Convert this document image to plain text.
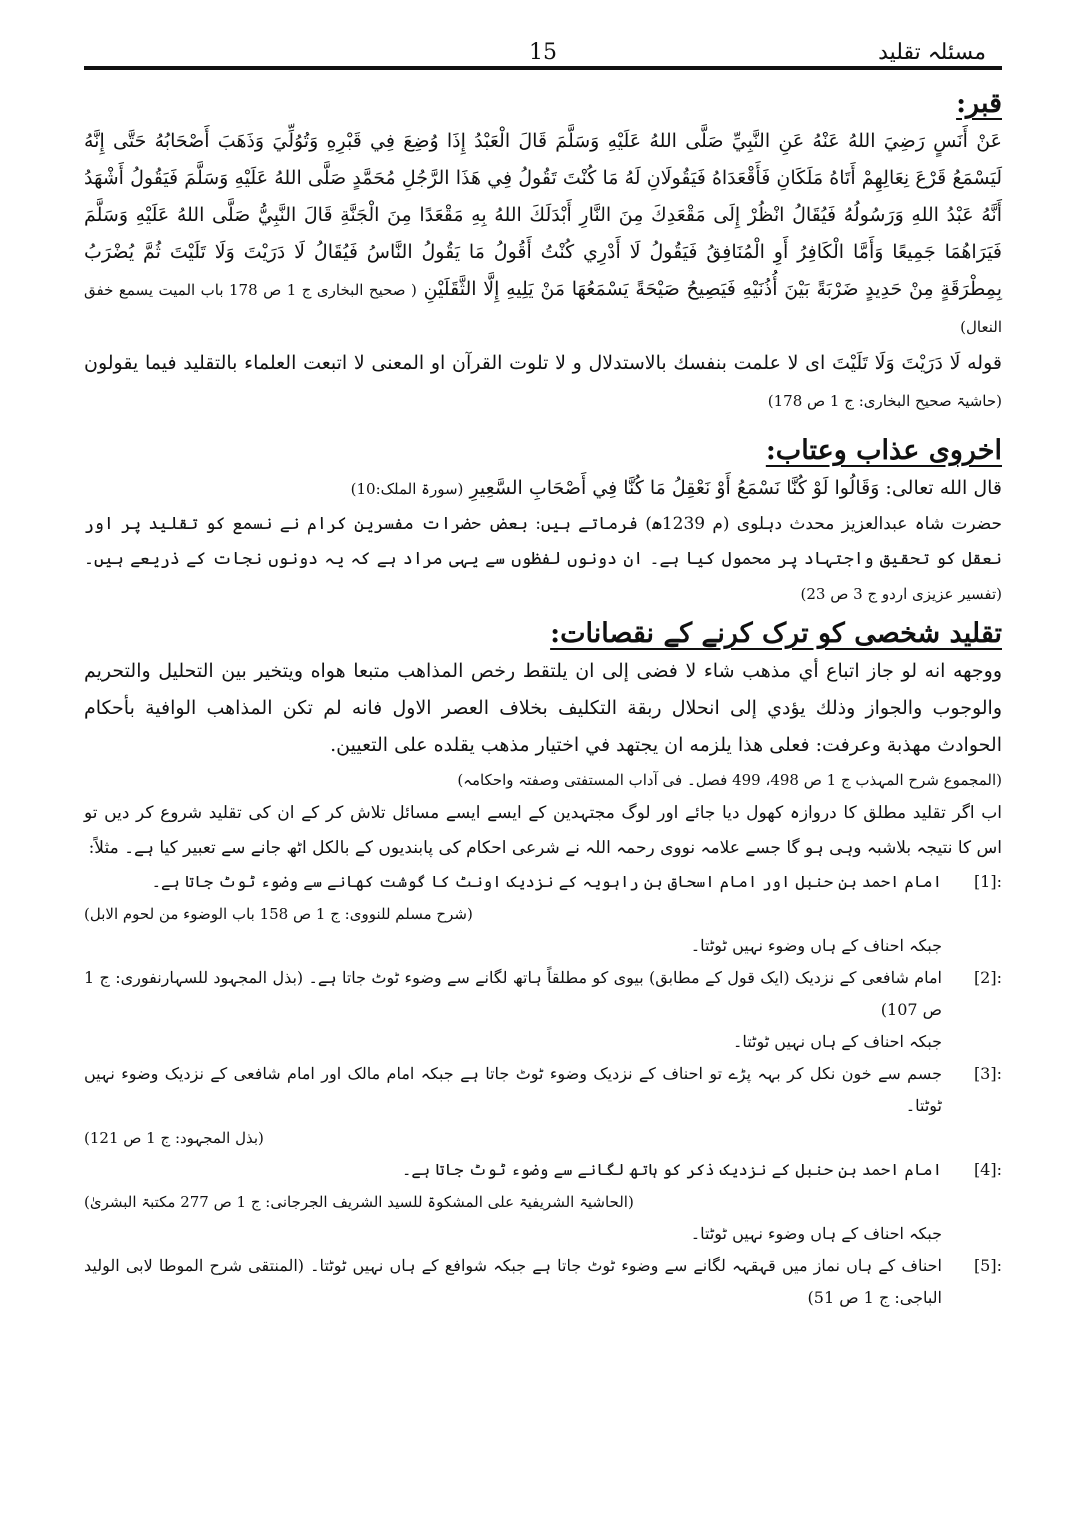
مسئلہ تقلید
15
قبر:

عَنْ أَنَسٍ رَضِيَ اللهُ عَنْهُ عَنِ النَّبِيِّ صَلَّى اللهُ عَلَيْهِ وَسَلَّمَ قَالَ الْعَبْدُ إِذَا وُضِعَ فِي قَبْرِهِ وَتُوُلِّيَ وَذَهَبَ أَصْحَابُهُ حَتَّى إِنَّهُ لَيَسْمَعُ قَرْعَ نِعَالِهِمْ أَتَاهُ مَلَكَانِ فَأَقْعَدَاهُ فَيَقُولَانِ لَهُ مَا كُنْتَ تَقُولُ فِي هَذَا الرَّجُلِ مُحَمَّدٍ صَلَّى اللهُ عَلَيْهِ وَسَلَّمَ فَيَقُولُ أَشْهَدُ أَنَّهُ عَبْدُ اللهِ وَرَسُولُهُ فَيُقَالُ انْظُرْ إِلَى مَقْعَدِكَ مِنَ النَّارِ أَبْدَلَكَ اللهُ بِهِ مَقْعَدًا مِنَ الْجَنَّةِ قَالَ النَّبِيُّ صَلَّى اللهُ عَلَيْهِ وَسَلَّمَ فَيَرَاهُمَا جَمِيعًا وَأَمَّا الْكَافِرُ أَوِ الْمُنَافِقُ فَيَقُولُ لَا أَدْرِي كُنْتُ أَقُولُ مَا يَقُولُ النَّاسُ فَيُقَالُ لَا دَرَيْتَ وَلَا تَلَيْتَ ثُمَّ يُضْرَبُ بِمِطْرَقَةٍ مِنْ حَدِيدٍ ضَرْبَةً بَيْنَ أُذُنَيْهِ فَيَصِيحُ صَيْحَةً يَسْمَعُهَا مَنْ يَلِيهِ إِلَّا الثَّقَلَيْنِ ( صحیح البخاری ج 1 ص 178 باب المیت یسمع خفق النعال)

قوله لَا دَرَيْتَ وَلَا تَلَيْتَ اى لا علمت بنفسك بالاستدلال و لا تلوت القرآن او المعنى لا اتبعت العلماء بالتقليد فيما يقولون (حاشیۃ صحیح البخاری: ج 1 ص 178)

اخروی عذاب وعتاب:

قال الله تعالى: وَقَالُوا لَوْ كُنَّا نَسْمَعُ أَوْ نَعْقِلُ مَا كُنَّا فِي أَصْحَابِ السَّعِيرِ (سورۃ الملک:10)

حضرت شاہ عبدالعزیز محدث دہلوی (م 1239ھ) فرماتے ہیں: بعض حضرات مفسرین کرام نے نسمع کو تقلید پر اور نعقل کو تحقیق واجتہاد پر محمول کیا ہے۔ ان دونوں لفظوں سے یہی مراد ہے کہ یہ دونوں نجات کے ذریعے ہیں۔ (تفسیر عزیزی اردو ج 3 ص 23)

تقلید شخصی کو ترک کرنے کے نقصانات:

ووجهه انه لو جاز اتباع أي مذهب شاء لا فضى إلى ان يلتقط رخص المذاهب متبعا هواه ويتخير بين التحليل والتحريم والوجوب والجواز وذلك يؤدي إلى انحلال ربقة التكليف بخلاف العصر الاول فانه لم تكن المذاهب الوافية بأحكام الحوادث مهذبة وعرفت: فعلى هذا يلزمه ان يجتهد في اختيار مذهب يقلده على التعيين.

(المجموع شرح المہذب ج 1 ص 498، 499 فصل۔ فی آداب المستفتی وصفتہ واحکامہ)

اب اگر تقلید مطلق کا دروازہ کھول دیا جائے اور لوگ مجتہدین کے ایسے ایسے مسائل تلاش کر کے ان کی تقلید شروع کر دیں تو اس کا نتیجہ بلاشبہ وہی ہو گا جسے علامہ نووی رحمہ اللہ نے شرعی احکام کی پابندیوں کے بالکل اٹھ جانے سے تعبیر کیا ہے۔ مثلاً:

[1]:
امام احمد بن حنبل اور امام اسحاق بن راہویہ کے نزدیک اونٹ کا گوشت کھانے سے وضوء ٹوٹ جاتا ہے۔

(شرح مسلم للنووی: ج 1 ص 158 باب الوضوء من لحوم الابل)

جبکہ احناف کے ہاں وضوء نہیں ٹوٹتا۔

[2]:
امام شافعی کے نزدیک (ایک قول کے مطابق) بیوی کو مطلقاً ہاتھ لگانے سے وضوء ٹوٹ جاتا ہے۔ (بذل المجہود للسہارنفوری: ج 1 ص 107)

جبکہ احناف کے ہاں نہیں ٹوٹتا۔

[3]:
جسم سے خون نکل کر بہہ پڑے تو احناف کے نزدیک وضوء ٹوٹ جاتا ہے جبکہ امام مالک اور امام شافعی کے نزدیک وضوء نہیں ٹوٹتا۔

(بذل المجہود: ج 1 ص 121)

[4]:
امام احمد بن حنبل کے نزدیک ذکر کو ہاتھ لگانے سے وضوء ٹوٹ جاتا ہے۔

(الحاشیۃ الشریفیۃ علی المشکوۃ للسید الشریف الجرجانی: ج 1 ص 277 مکتبۃ البشریٰ)

جبکہ احناف کے ہاں وضوء نہیں ٹوٹتا۔

[5]:
احناف کے ہاں نماز میں قہقہہ لگانے سے وضوء ٹوٹ جاتا ہے جبکہ شوافع کے ہاں نہیں ٹوٹتا۔ (المنتقی شرح الموطا لابی الولید الباجی: ج 1 ص 51)
